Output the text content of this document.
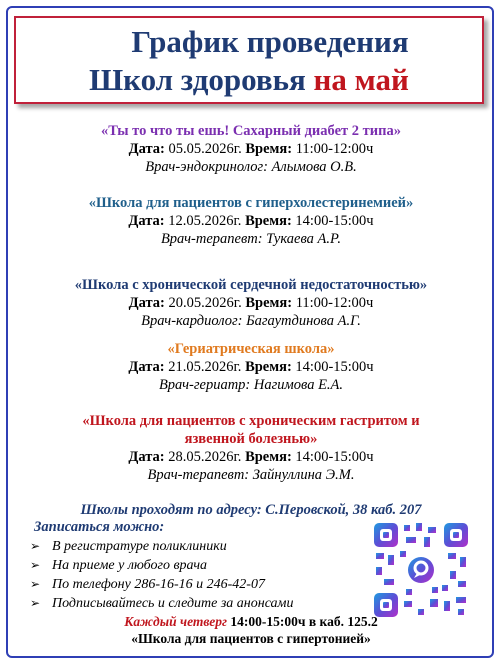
График проведения
Школ здоровья на май
«Ты то что ты ешь! Сахарный диабет 2 типа»
Дата: 05.05.2026г. Время: 11:00-12:00ч
Врач-эндокринолог: Алымова О.В.
«Школа для пациентов с гиперхолестеринемией»
Дата: 12.05.2026г. Время: 14:00-15:00ч
Врач-терапевт: Тукаева А.Р.
«Школа с хронической сердечной недостаточностью»
Дата: 20.05.2026г. Время: 11:00-12:00ч
Врач-кардиолог: Багаутдинова А.Г.
«Гериатрическая школа»
Дата: 21.05.2026г. Время: 14:00-15:00ч
Врач-гериатр: Нагимова Е.А.
«Школа для пациентов с хроническим гастритом и язвенной болезнью»
Дата: 28.05.2026г. Время: 14:00-15:00ч
Врач-терапевт: Зайнуллина Э.М.
Школы проходят по адресу: С.Перовской, 38 каб. 207
Записаться можно:
➢ В регистратуре поликлиники
➢ На приеме у любого врача
➢ По телефону 286-16-16 и 246-42-07
➢ Подписывайтесь и следите за анонсами
Каждый четверг 14:00-15:00ч в каб. 125.2
«Школа для пациентов с гипертонией»
